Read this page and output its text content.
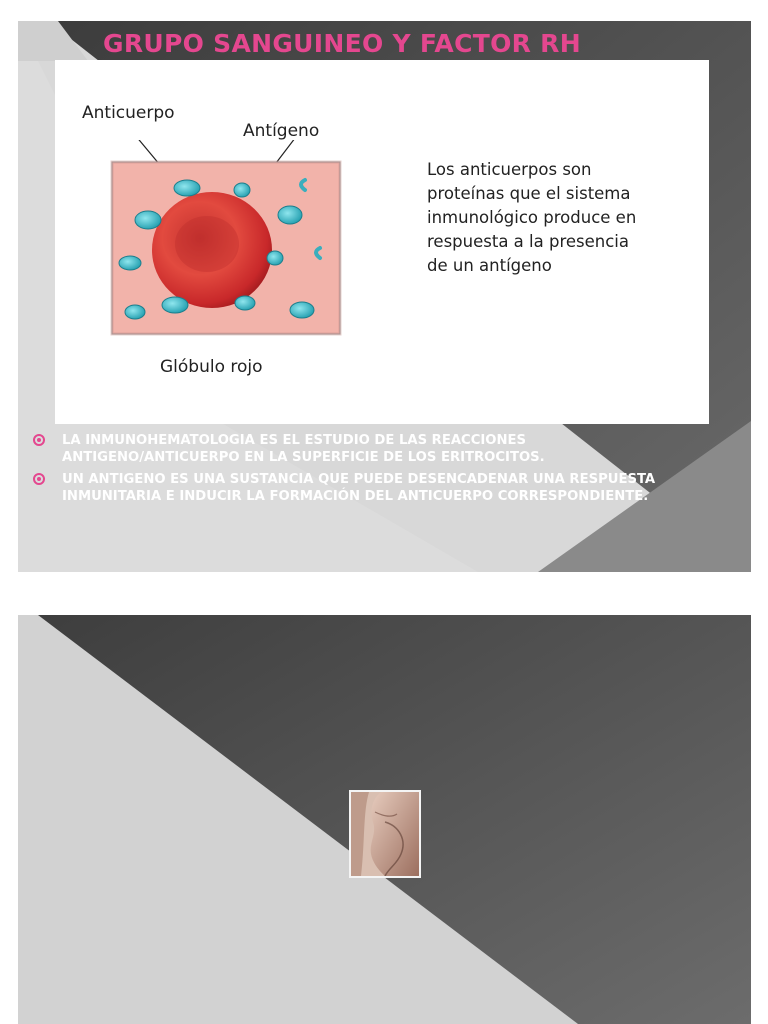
GRUPO SANGUINEO Y FACTOR RH
Anticuerpo
Antígeno
Glóbulo rojo
Los anticuerpos son proteínas que el sistema inmunológico produce en respuesta a la presencia de un antígeno
LA INMUNOHEMATOLOGIA ES EL ESTUDIO DE LAS REACCIONES ANTIGENO/ANTICUERPO EN LA SUPERFICIE DE LOS ERITROCITOS.
UN ANTIGENO ES UNA SUSTANCIA QUE PUEDE DESENCADENAR UNA RESPUESTA INMUNITARIA E INDUCIR LA FORMACIÓN DEL ANTICUERPO CORRESPONDIENTE.
